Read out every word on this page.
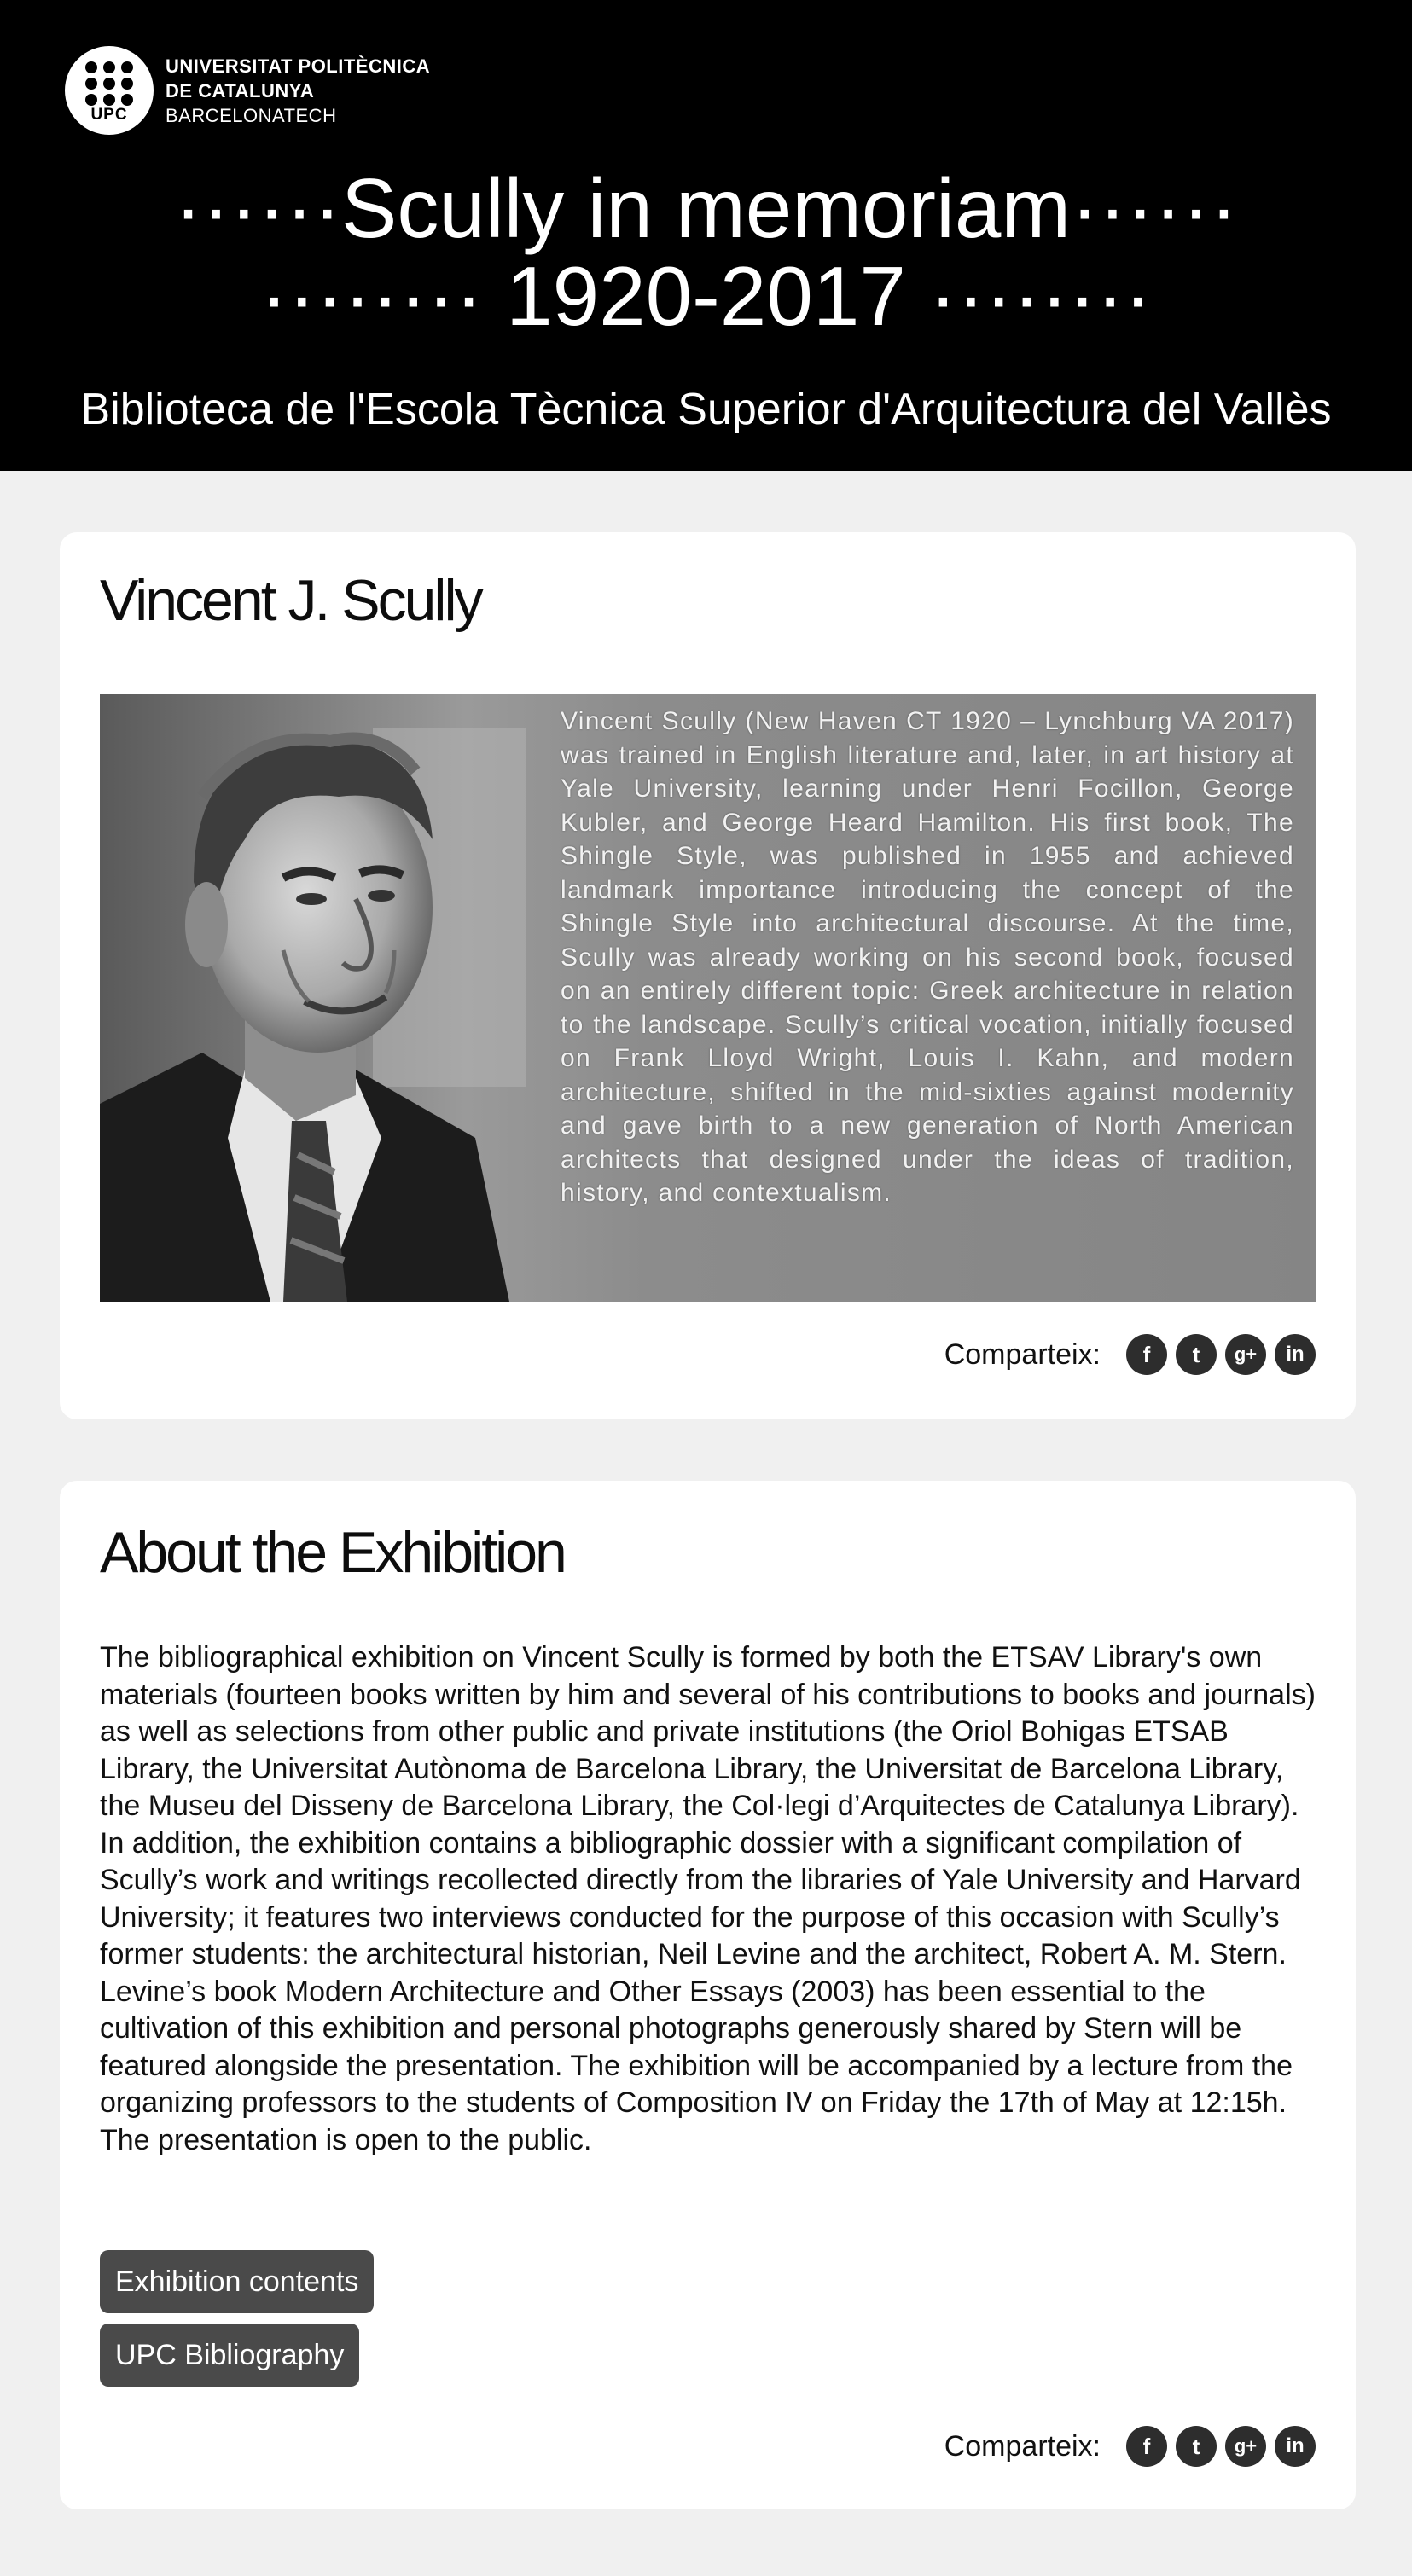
UPC
UNIVERSITAT POLITÈCNICA
DE CATALUNYA
BARCELONATECH
······Scully in memoriam······
········ 1920-2017 ········
Biblioteca de l'Escola Tècnica Superior d'Arquitectura del Vallès
Vincent J. Scully
Vincent Scully (New Haven CT 1920 – Lynchburg VA 2017) was trained in English literature and, later, in art history at Yale University, learning under Henri Focillon, George Kubler, and George Heard Hamilton. His first book, The Shingle Style, was published in 1955 and achieved landmark importance introducing the concept of the Shingle Style into architectural discourse. At the time, Scully was already working on his second book, focused on an entirely different topic: Greek architecture in relation to the landscape. Scully’s critical vocation, initially focused on Frank Lloyd Wright, Louis I. Kahn, and modern architecture, shifted in the mid-sixties against modernity and gave birth to a new generation of North American architects that designed under the ideas of tradition, history, and contextualism.
Comparteix:	f	t	g+	in
About the Exhibition
The bibliographical exhibition on Vincent Scully is formed by both the ETSAV Library's own materials (fourteen books written by him and several of his contributions to books and journals) as well as selections from other public and private institutions (the Oriol Bohigas ETSAB Library, the Universitat Autònoma de Barcelona Library, the Universitat de Barcelona Library, the Museu del Disseny de Barcelona Library, the Col·legi d’Arquitectes de Catalunya Library). In addition, the exhibition contains a bibliographic dossier with a significant compilation of Scully’s work and writings recollected directly from the libraries of Yale University and Harvard University; it features two interviews conducted for the purpose of this occasion with Scully’s former students: the architectural historian, Neil Levine and the architect, Robert A. M. Stern. Levine’s book Modern Architecture and Other Essays (2003) has been essential to the cultivation of this exhibition and personal photographs generously shared by Stern will be featured alongside the presentation. The exhibition will be accompanied by a lecture from the organizing professors to the students of Composition IV on Friday the 17th of May at 12:15h. The presentation is open to the public.
Exhibition contents
UPC Bibliography
Comparteix:	f	t	g+	in
